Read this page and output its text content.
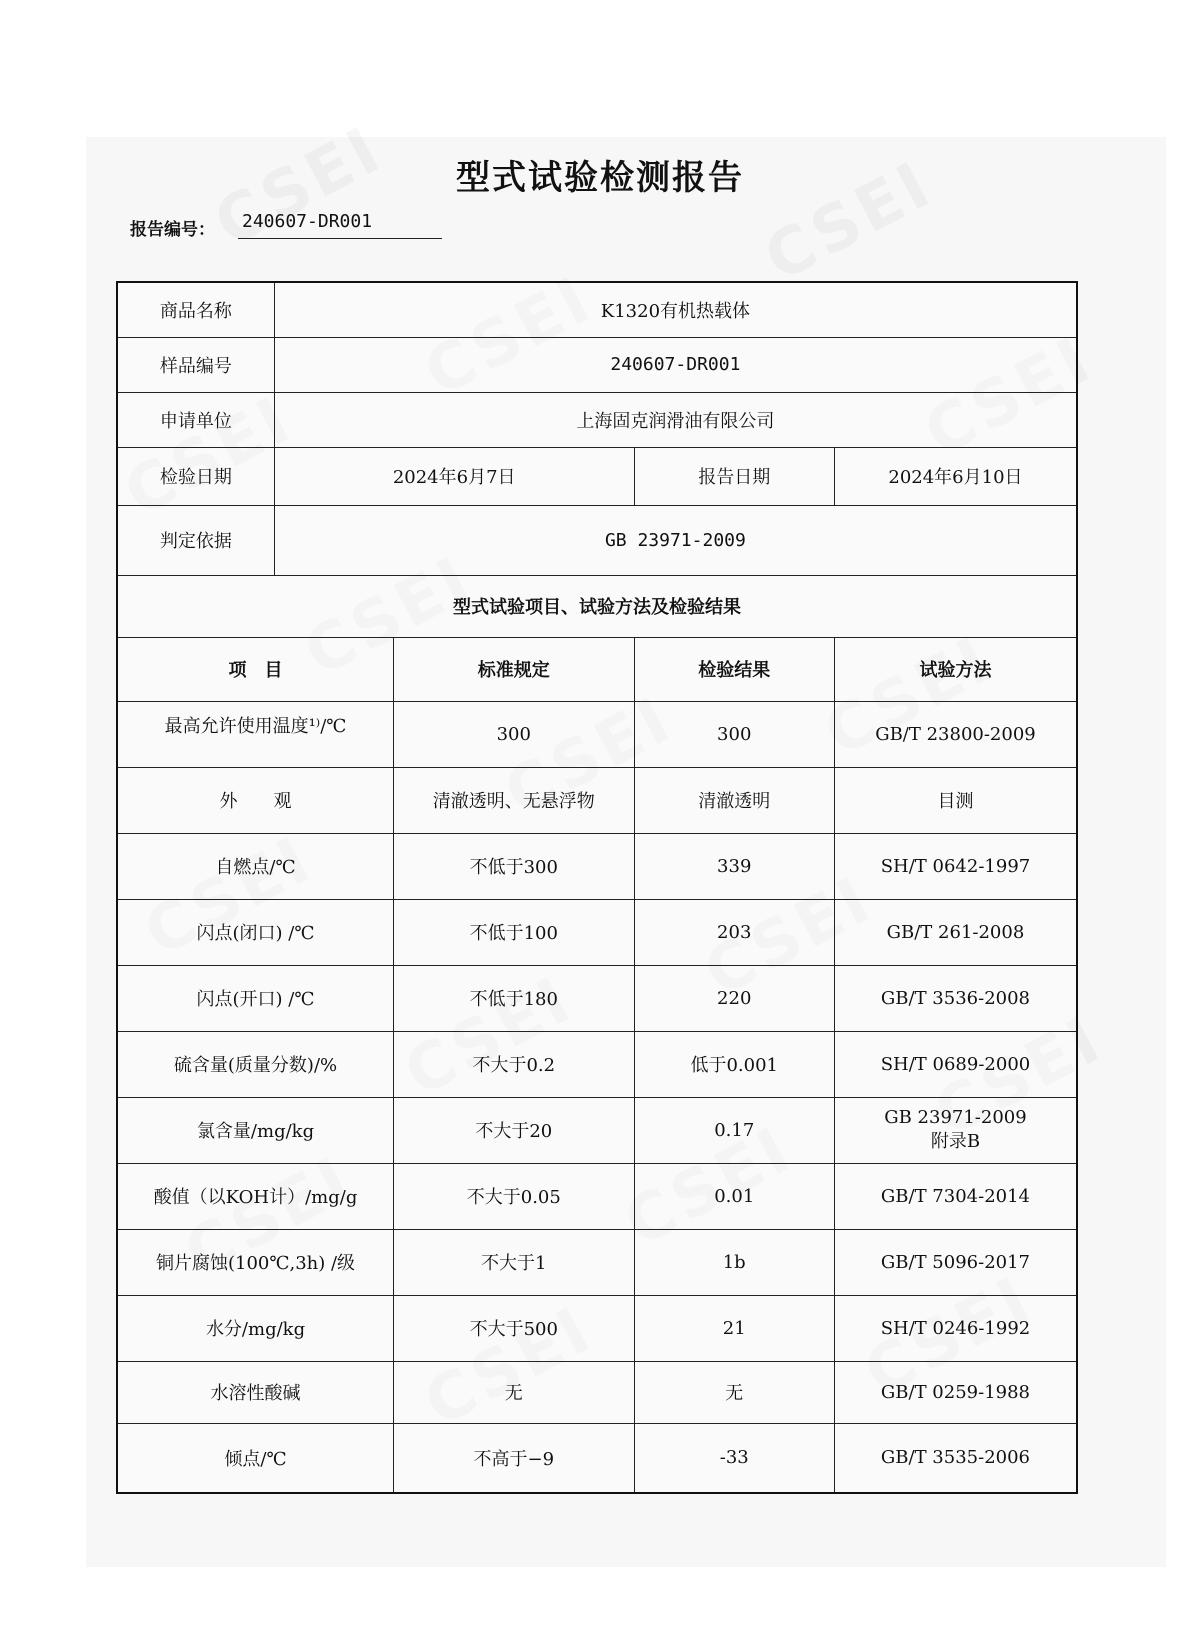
型式试验检测报告
报告编号： 240607-DR001
商品名称	K1320有机热载体			
样品编号	240607-DR001			
申请单位	上海固克润滑油有限公司			
检验日期	2024年6月7日		报告日期	2024年6月10日
判定依据	GB 23971-2009			
型式试验项目、试验方法及检验结果				
项　目		标准规定	检验结果	试验方法

最高允许使用温度¹⁾/℃		300	300	GB/T 23800-2009
外　　观		清澈透明、无悬浮物	清澈透明	目测
自燃点/℃		不低于300	339	SH/T 0642-1997
闪点(闭口) /℃		不低于100	203	GB/T 261-2008
闪点(开口) /℃		不低于180	220	GB/T 3536-2008
硫含量(质量分数)/%		不大于0.2	低于0.001	SH/T 0689-2000
氯含量/mg/kg		不大于20	0.17	GB 23971-2009
附录B

酸值（以KOH计）/mg/g		不大于0.05	0.01	GB/T 7304-2014
铜片腐蚀(100℃,3h) /级		不大于1	1b	GB/T 5096-2017
水分/mg/kg		不大于500	21	SH/T 0246-1992
水溶性酸碱		无	无	GB/T 0259-1988
倾点/℃		不高于−9	-33	GB/T 3535-2006
